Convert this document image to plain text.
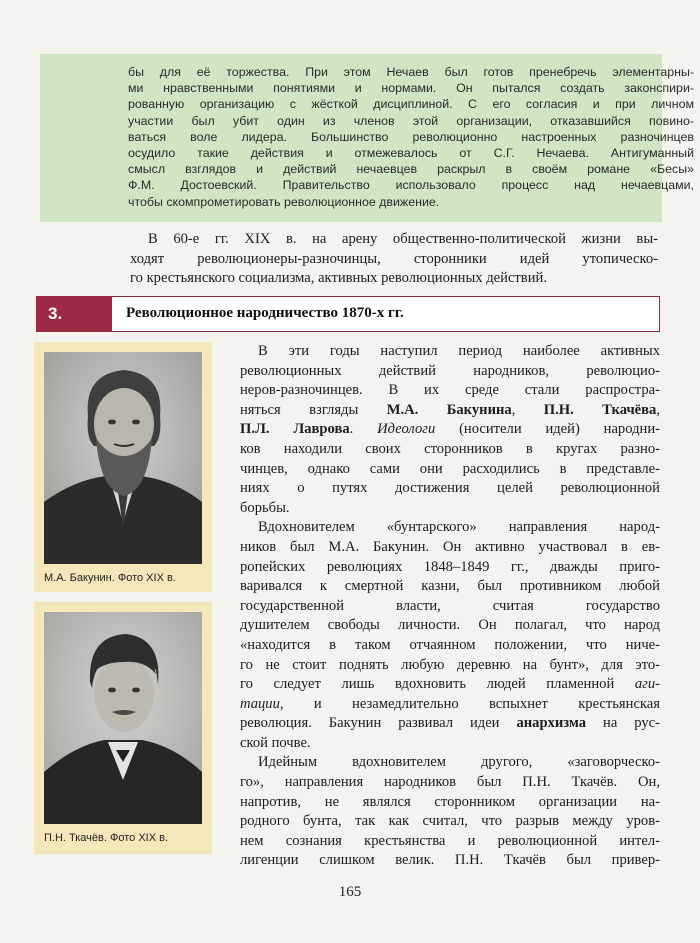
бы для её торжества. При этом Нечаев был готов пренебречь элементарны-
ми нравственными понятиями и нормами. Он пытался создать законспири-
рованную организацию с жёсткой дисциплиной. С его согласия и при личном
участии был убит один из членов этой организации, отказавшийся повино-
ваться воле лидера. Большинство революционно настроенных разночинцев
осудило такие действия и отмежевалось от С.Г. Нечаева. Антигуманный
смысл взглядов и действий нечаевцев раскрыл в своём романе «Бесы»
Ф.М. Достоевский. Правительство использовало процесс над нечаевцами,
чтобы скомпрометировать революционное движение.
В 60-е гг. XIX в. на арену общественно-политической жизни вы-
ходят революционеры-разночинцы, сторонники идей утопическо-
го крестьянского социализма, активных революционных действий.
3.	Революционное народничество 1870-х гг.
М.А. Бакунин. Фото XIX в.
П.Н. Ткачёв. Фото XIX в.
В эти годы наступил период наиболее активных
революционных действий народников, революцио-
неров-разночинцев. В их среде стали распростра-
няться взгляды М.А. Бакунина, П.Н. Ткачёва,
П.Л. Лаврова. Идеологи (носители идей) народни-
ков находили своих сторонников в кругах разно-
чинцев, однако сами они расходились в представле-
ниях о путях достижения целей революционной
борьбы.
Вдохновителем «бунтарского» направления народ-
ников был М.А. Бакунин. Он активно участвовал в ев-
ропейских революциях 1848–1849 гг., дважды приго-
варивался к смертной казни, был противником любой
государственной власти, считая государство
душителем свободы личности. Он полагал, что народ
«находится в таком отчаянном положении, что ниче-
го не стоит поднять любую деревню на бунт», для это-
го следует лишь вдохновить людей пламенной аги-
тации, и незамедлительно вспыхнет крестьянская
революция. Бакунин развивал идеи анархизма на рус-
ской почве.
Идейным вдохновителем другого, «заговорческо-
го», направления народников был П.Н. Ткачёв. Он,
напротив, не являлся сторонником организации на-
родного бунта, так как считал, что разрыв между уров-
нем сознания крестьянства и революционной интел-
лигенции слишком велик. П.Н. Ткачёв был привер-
165
